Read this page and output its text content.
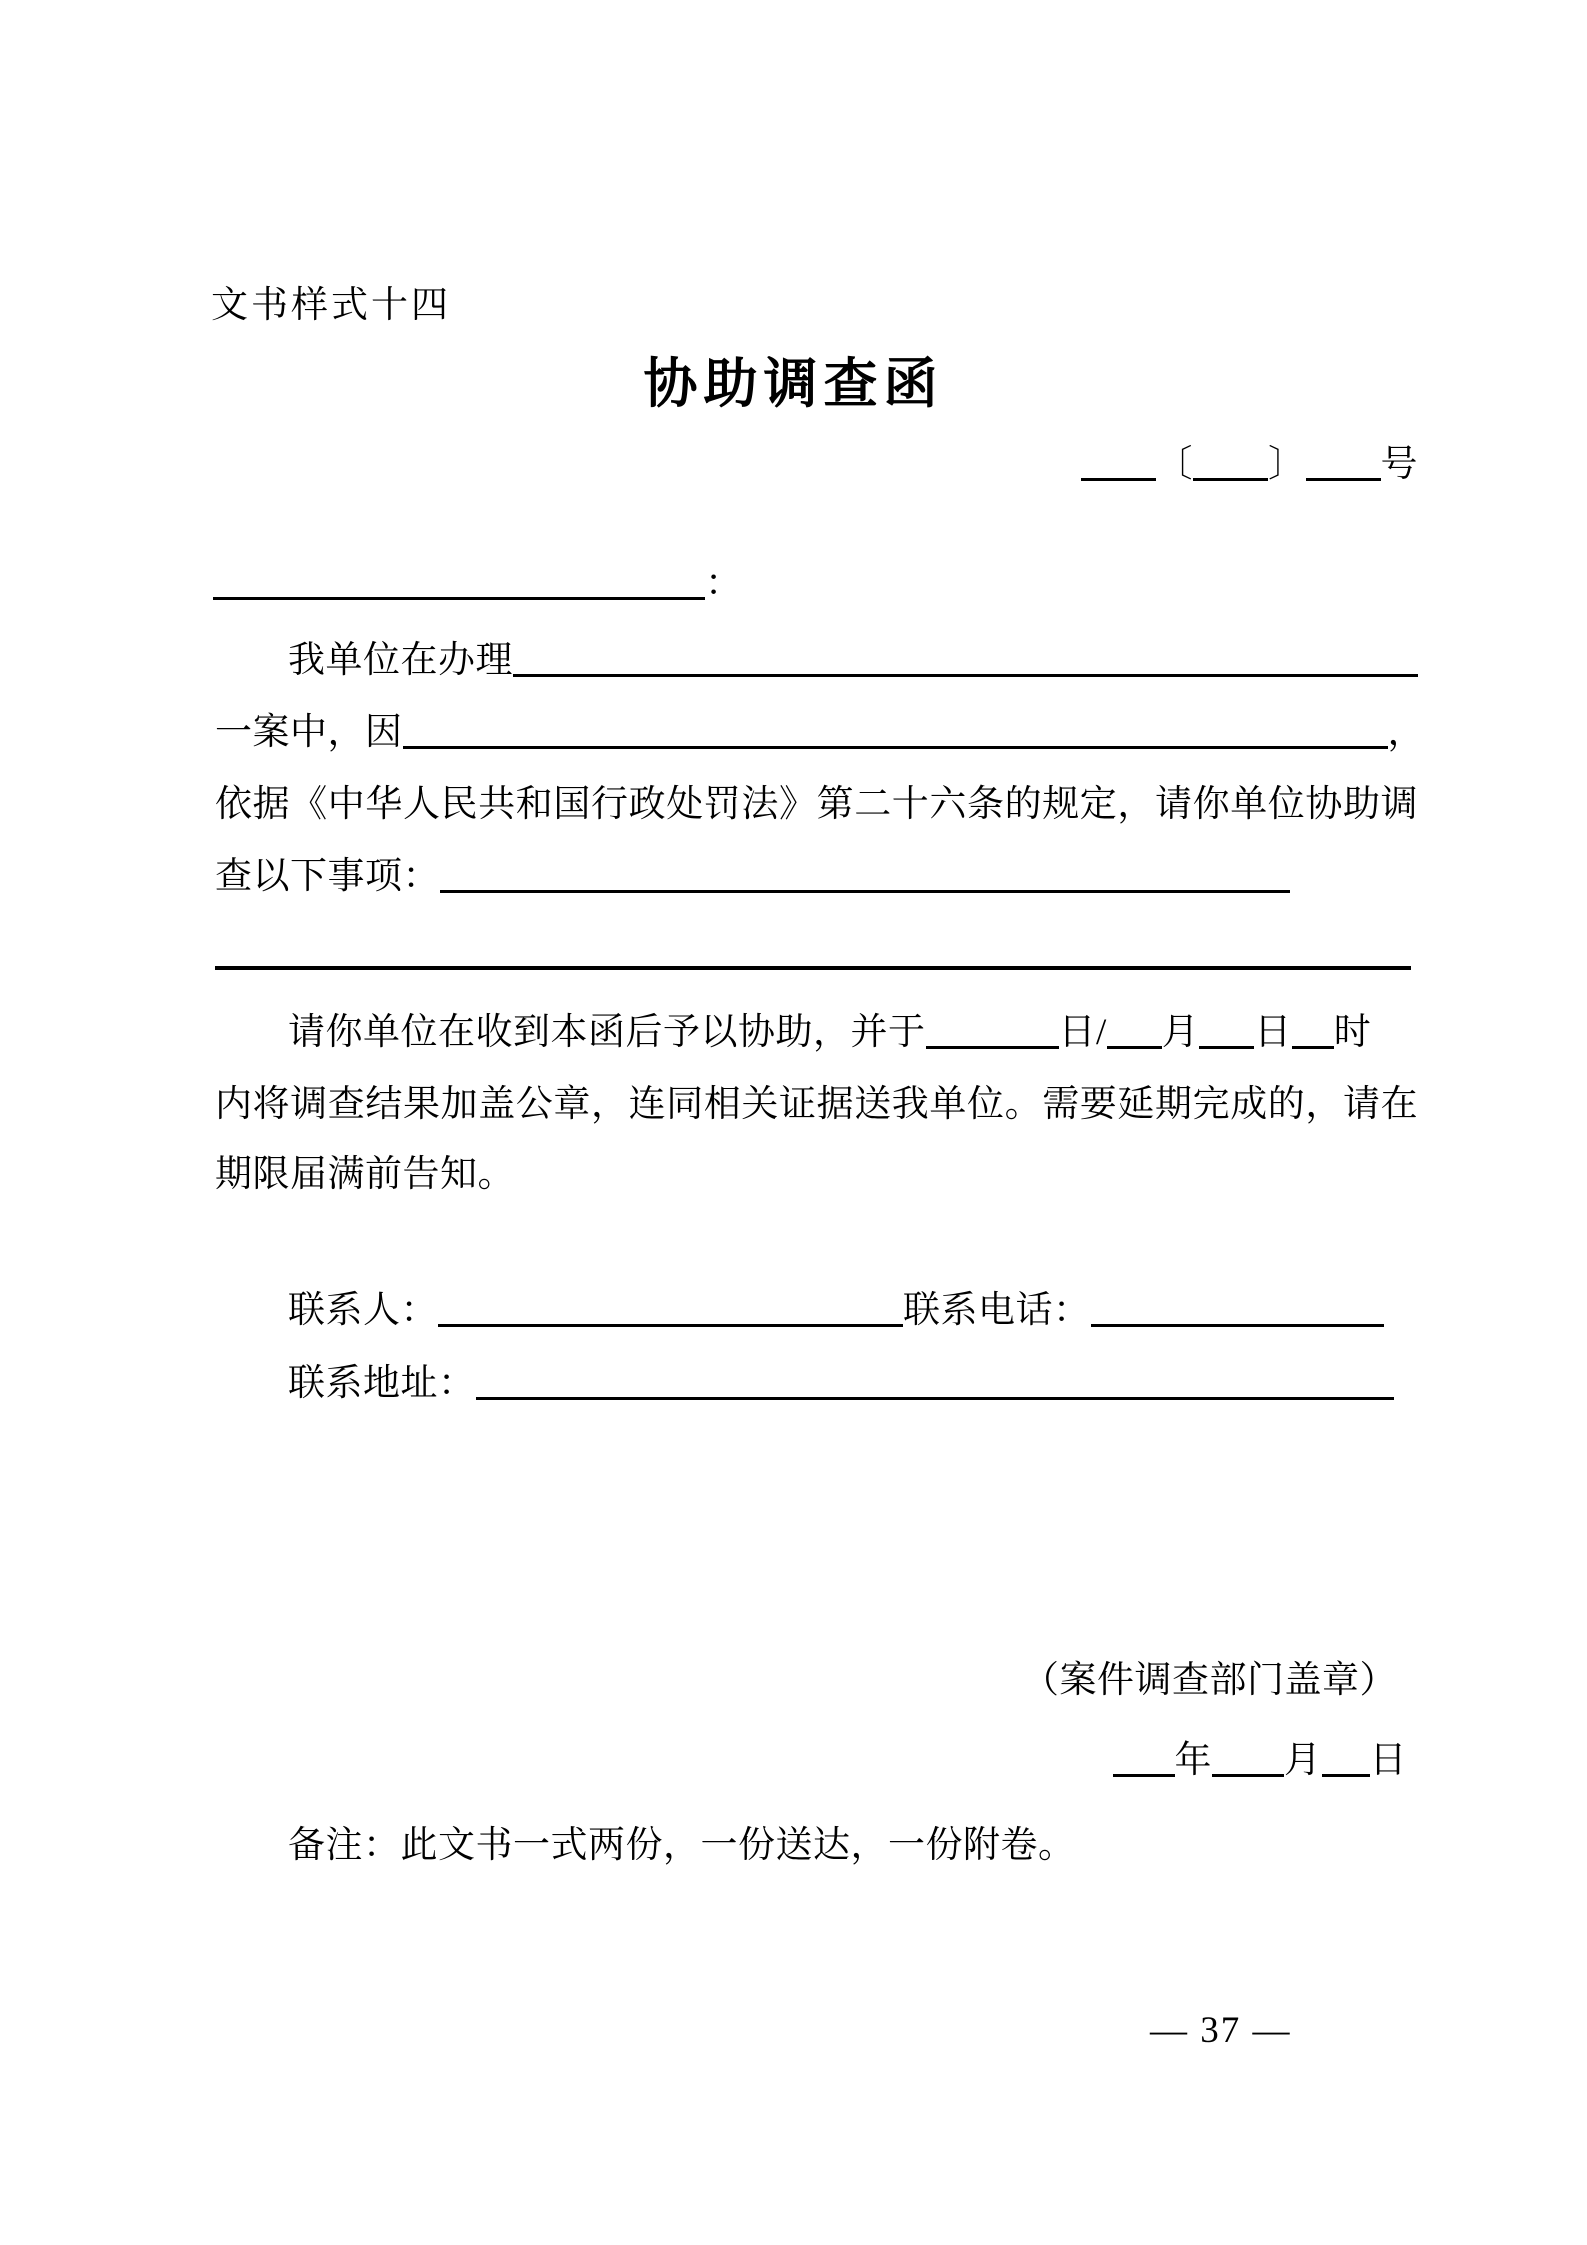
文书样式十四
协助调查函
〔 〕 号
：
我单位在办理
一案中，因	，
依据《中华人民共和国行政处罚法》第二十六条的规定，请你单位协助调
查以下事项：
请你单位在收到本函后予以协助，并于	日/ 月 日 时
内将调查结果加盖公章，连同相关证据送我单位。需要延期完成的，请在
期限届满前告知。
联系人：	联系电话：
联系地址：
（案件调查部门盖章）
年 月 日
备注：此文书一式两份，一份送达，一份附卷。
— 37 —
